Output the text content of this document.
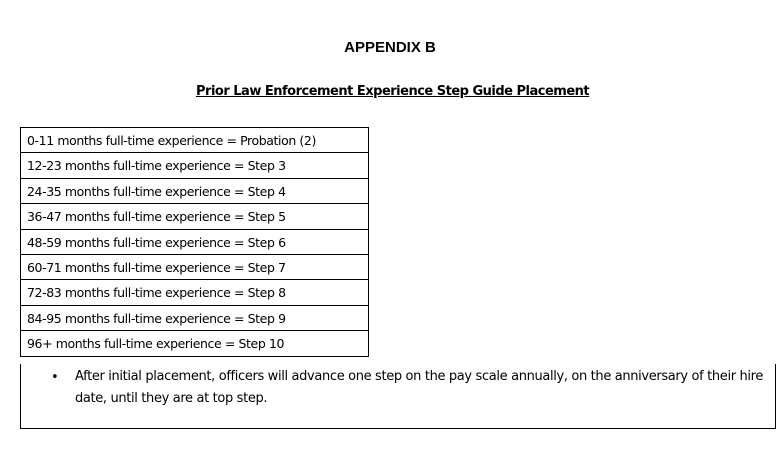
APPENDIX B
Prior Law Enforcement Experience Step Guide Placement
0-11 months full-time experience = Probation (2)
12-23 months full-time experience = Step 3
24-35 months full-time experience = Step 4
36-47 months full-time experience = Step 5
48-59 months full-time experience = Step 6
60-71 months full-time experience = Step 7
72-83 months full-time experience = Step 8
84-95 months full-time experience = Step 9
96+ months full-time experience = Step 10
• After initial placement, officers will advance one step on the pay scale annually, on the anniversary of their hire date, until they are at top step.
